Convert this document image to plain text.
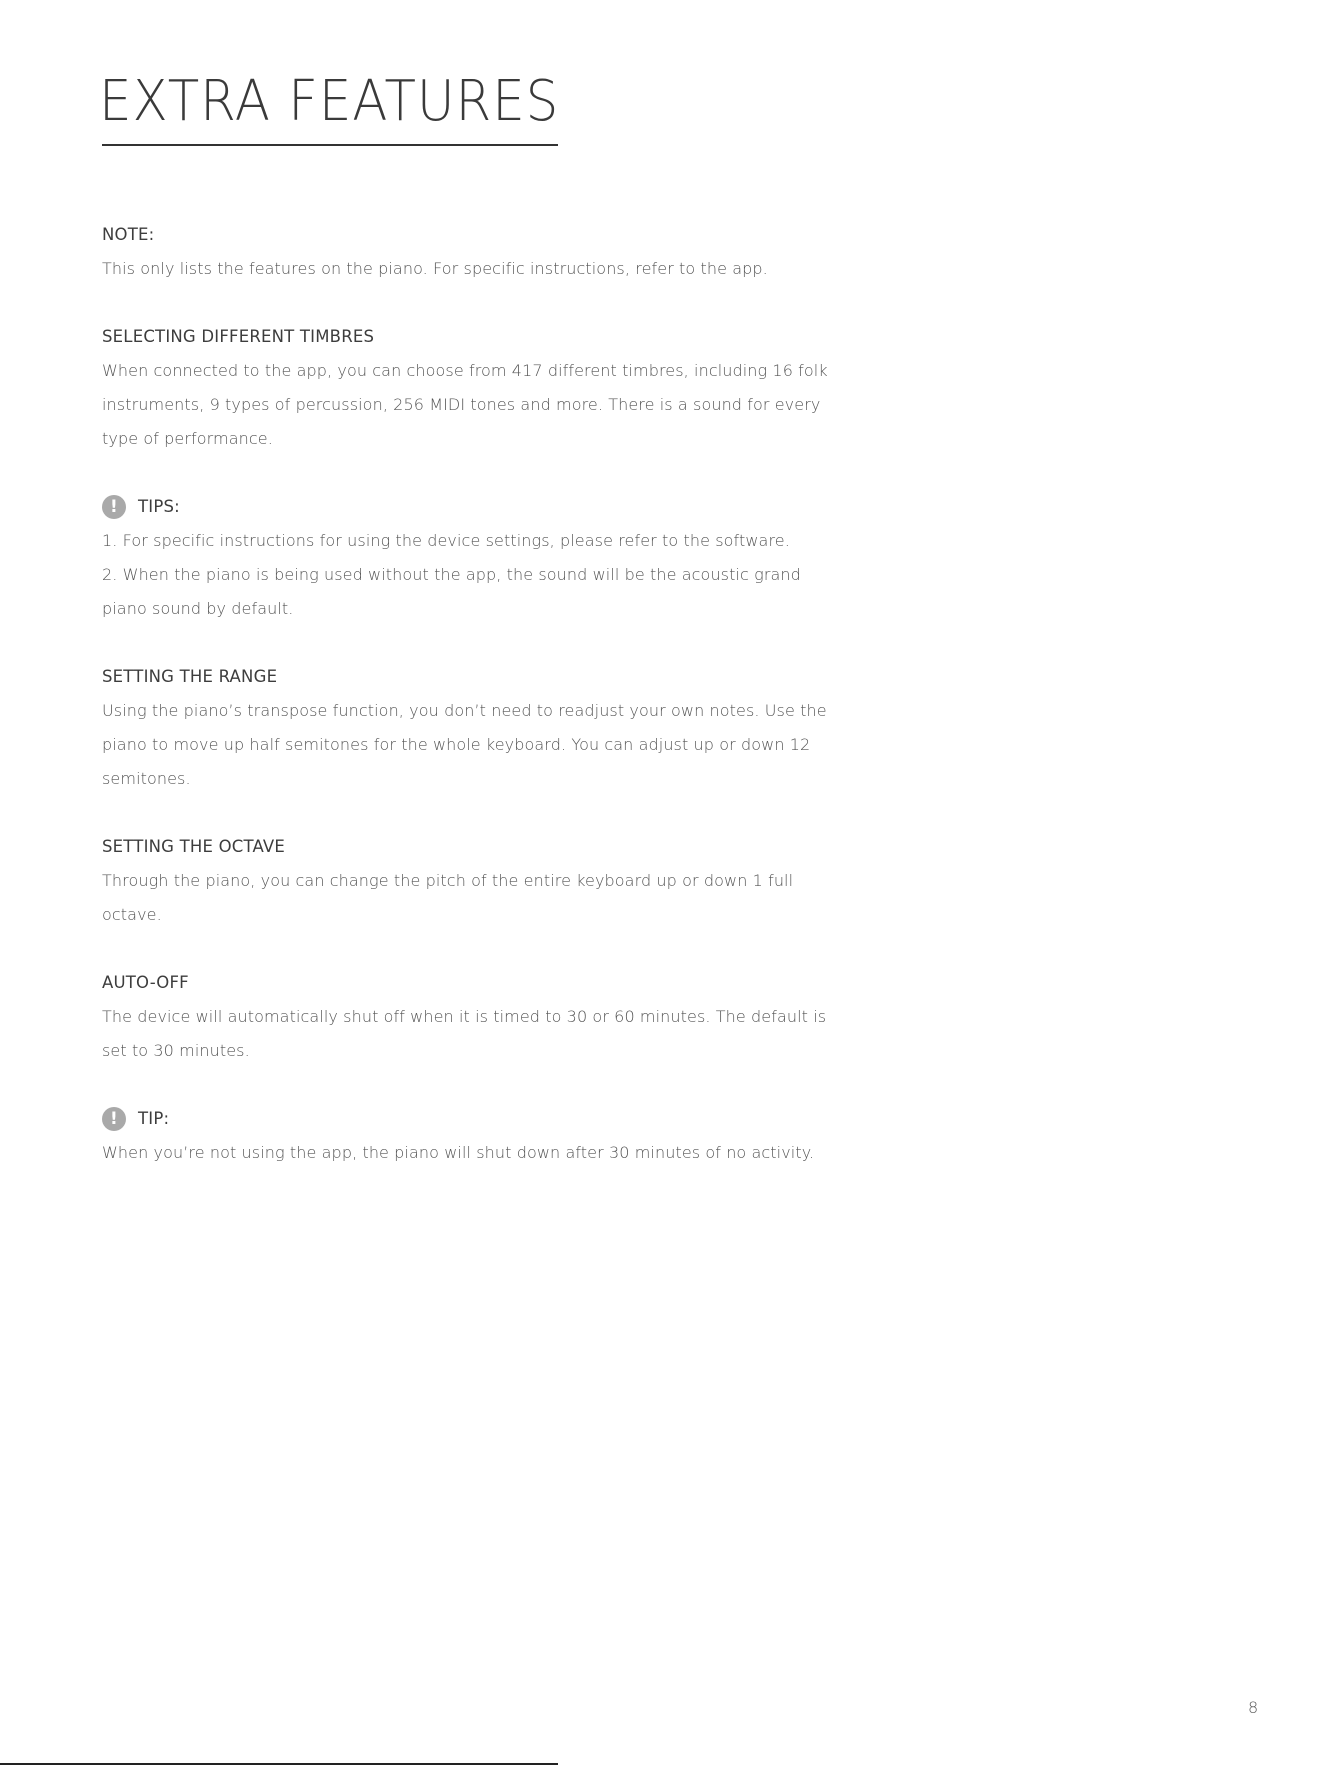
EXTRA FEATURES
NOTE:

This only lists the features on the piano. For specific instructions, refer to the app.

SELECTING DIFFERENT TIMBRES

When connected to the app, you can choose from 417 different timbres, including 16 folk
instruments, 9 types of percussion, 256 MIDI tones and more. There is a sound for every
type of performance.

!	TIPS:

1. For specific instructions for using the device settings, please refer to the software.
2. When the piano is being used without the app, the sound will be the acoustic grand
piano sound by default.

SETTING THE RANGE

Using the piano’s transpose function, you don’t need to readjust your own notes. Use the
piano to move up half semitones for the whole keyboard. You can adjust up or down 12
semitones.

SETTING THE OCTAVE

Through the piano, you can change the pitch of the entire keyboard up or down 1 full
octave.

AUTO-OFF

The device will automatically shut off when it is timed to 30 or 60 minutes. The default is
set to 30 minutes.

!	TIP:

When you’re not using the app, the piano will shut down after 30 minutes of no activity.

8
